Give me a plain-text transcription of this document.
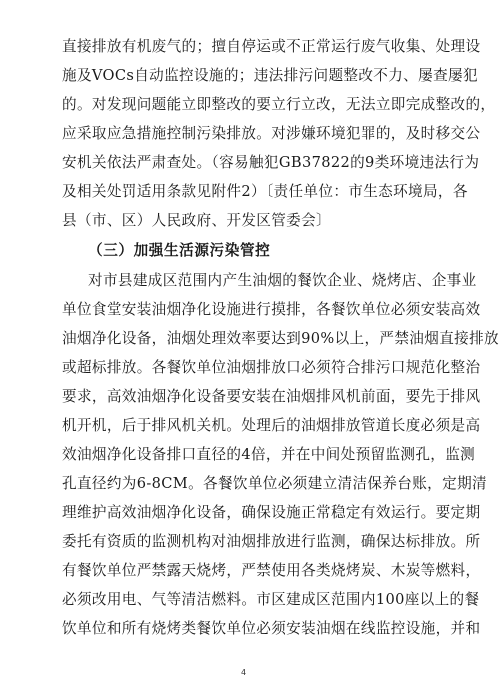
直接排放有机废气的；擅自停运或不正常运行废气收集、处理设
施及VOCs自动监控设施的；违法排污问题整改不力、屡查屡犯
的。对发现问题能立即整改的要立行立改，无法立即完成整改的，
应采取应急措施控制污染排放。对涉嫌环境犯罪的，及时移交公
安机关依法严肃查处。（容易触犯GB37822的9类环境违法行为
及相关处罚适用条款见附件2）〔责任单位：市生态环境局，各
县（市、区）人民政府、开发区管委会〕
（三）加强生活源污染管控
对市县建成区范围内产生油烟的餐饮企业、烧烤店、企事业
单位食堂安装油烟净化设施进行摸排，各餐饮单位必须安装高效
油烟净化设备，油烟处理效率要达到90%以上，严禁油烟直接排放
或超标排放。各餐饮单位油烟排放口必须符合排污口规范化整治
要求，高效油烟净化设备要安装在油烟排风机前面，要先于排风
机开机，后于排风机关机。处理后的油烟排放管道长度必须是高
效油烟净化设备排口直径的4倍，并在中间处预留监测孔，监测
孔直径约为6-8CM。各餐饮单位必须建立清洁保养台账，定期清
理维护高效油烟净化设备，确保设施正常稳定有效运行。要定期
委托有资质的监测机构对油烟排放进行监测，确保达标排放。所
有餐饮单位严禁露天烧烤，严禁使用各类烧烤炭、木炭等燃料，
必须改用电、气等清洁燃料。市区建成区范围内100座以上的餐
饮单位和所有烧烤类餐饮单位必须安装油烟在线监控设施，并和
4
